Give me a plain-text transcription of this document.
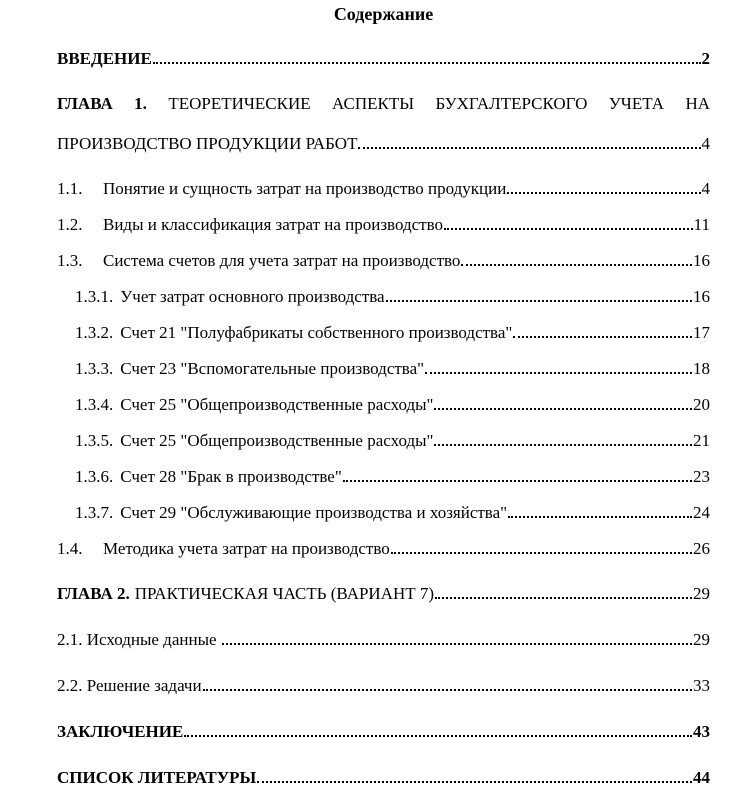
Содержание
ВВЕДЕНИЕ	2
ГЛАВА 1. ТЕОРЕТИЧЕСКИЕ АСПЕКТЫ БУХГАЛТЕРСКОГО УЧЕТА НА
ПРОИЗВОДСТВО ПРОДУКЦИИ РАБОТ	4
1.1.	Понятие и сущность затрат на производство продукции	4
1.2.	Виды и классификация затрат на производство	11
1.3.	Система счетов для учета затрат на производство	16
1.3.1. Учет затрат основного производства	16
1.3.2. Счет 21 "Полуфабрикаты собственного производства"	17
1.3.3. Счет 23 "Вспомогательные производства"	18
1.3.4. Счет 25 "Общепроизводственные расходы"	20
1.3.5. Счет 25 "Общепроизводственные расходы"	21
1.3.6. Счет 28 "Брак в производстве"	23
1.3.7. Счет 29 "Обслуживающие производства и хозяйства"	24
1.4.	Методика учета затрат на производство	26
ГЛАВА 2. ПРАКТИЧЕСКАЯ ЧАСТЬ (ВАРИАНТ 7)	29
2.1. Исходные данные	29
2.2. Решение задачи	33
ЗАКЛЮЧЕНИЕ	43
СПИСОК ЛИТЕРАТУРЫ	44
